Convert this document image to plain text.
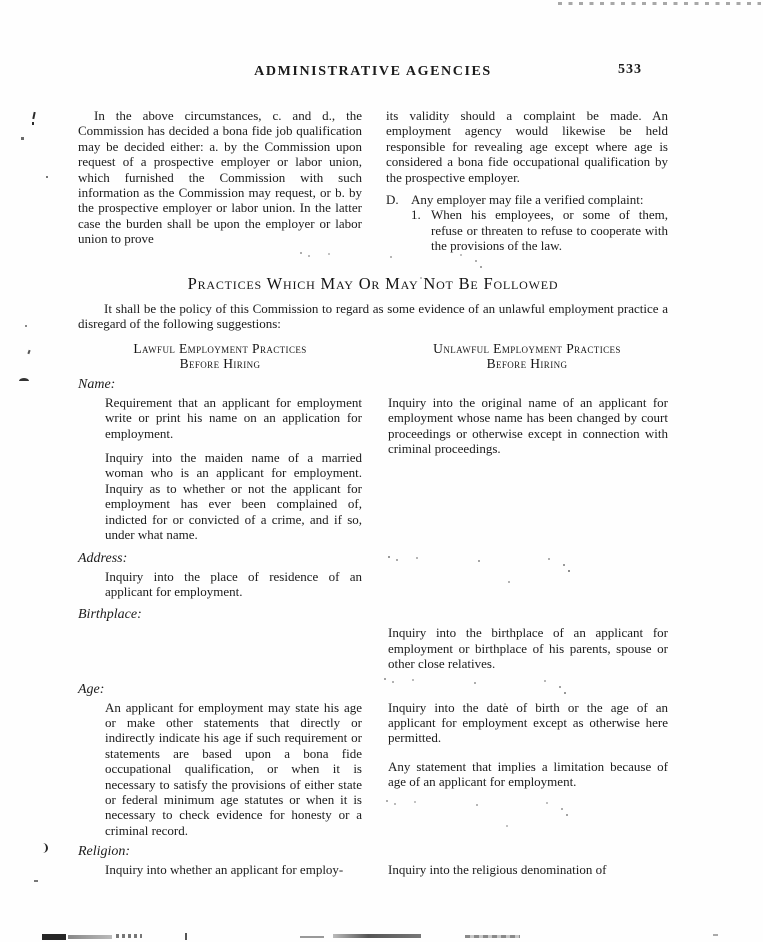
ADMINISTRATIVE AGENCIES	533

In the above circumstances, c. and d., the Commission has decided a bona fide job qualification may be decided either: a. by the Commission upon request of a prospective employer or labor union, which furnished the Commission with such information as the Commission may request, or b. by the prospective employer or labor union. In the latter case the burden shall be upon the employer or labor union to prove

its validity should a complaint be made. An employment agency would likewise be held responsible for revealing age except where age is considered a bona fide occupational qualification by the prospective employer.

D. Any employer may file a verified complaint:
1. When his employees, or some of them, refuse or threaten to refuse to cooperate with the provisions of the law.
Practices Which May Or May Not Be Followed

It shall be the policy of this Commission to regard as some evidence of an unlawful employment practice a disregard of the following suggestions:

Lawful Employment Practices
Before Hiring
Unlawful Employment Practices
Before Hiring
Name:

Requirement that an applicant for employment write or print his name on an application for employment.

Inquiry into the maiden name of a married woman who is an applicant for employment. Inquiry as to whether or not the applicant for employment has ever been complained of, indicted for or convicted of a crime, and if so, under what name.

Inquiry into the original name of an applicant for employment whose name has been changed by court proceedings or otherwise except in connection with criminal proceedings.

Address:

Inquiry into the place of residence of an applicant for employment.

Birthplace:

Inquiry into the birthplace of an applicant for employment or birthplace of his parents, spouse or other close relatives.

Age:

An applicant for employment may state his age or make other statements that directly or indirectly indicate his age if such requirement or statements are based upon a bona fide occupational qualification, or when it is necessary to satisfy the provisions of either state or federal minimum age statutes or when it is necessary to check evidence for honesty or a criminal record.

Inquiry into the date of birth or the age of an applicant for employment except as otherwise here permitted.

Any statement that implies a limitation because of age of an applicant for employment.

Religion:

Inquiry into whether an applicant for employ-	Inquiry into the religious denomination of
